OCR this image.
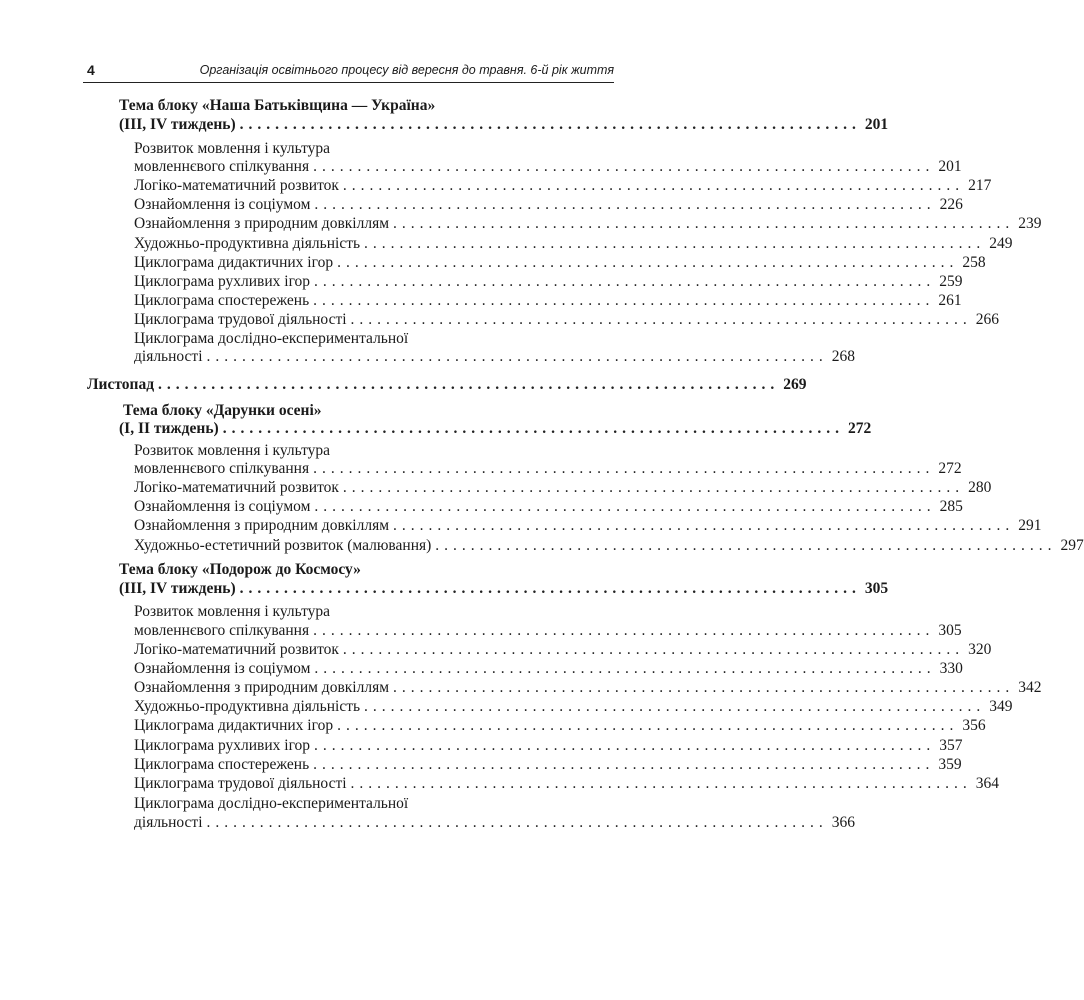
4	Організація освітнього процесу від вересня до травня. 6-й рік життя
Тема блоку «Наша Батьківщина — Україна»
(III, IV тиждень) ...................................................................... 201
Розвиток мовлення і культура
мовленнєвого спілкування ...................................................................... 201
Логіко-математичний розвиток ...................................................................... 217
Ознайомлення із соціумом ...................................................................... 226
Ознайомлення з природним довкіллям ...................................................................... 239
Художньо-продуктивна діяльність ...................................................................... 249
Циклограма дидактичних ігор ...................................................................... 258
Циклограма рухливих ігор ...................................................................... 259
Циклограма спостережень ...................................................................... 261
Циклограма трудової діяльності ...................................................................... 266
Циклограма дослідно-експериментальної
діяльності ...................................................................... 268
Листопад ...................................................................... 269
Тема блоку «Дарунки осені»
(I, II тиждень) ...................................................................... 272
Розвиток мовлення і культура
мовленнєвого спілкування ...................................................................... 272
Логіко-математичний розвиток ...................................................................... 280
Ознайомлення із соціумом ...................................................................... 285
Ознайомлення з природним довкіллям ...................................................................... 291
Художньо-естетичний розвиток (малювання) ...................................................................... 297
Тема блоку «Подорож до Космосу»
(III, IV тиждень) ...................................................................... 305
Розвиток мовлення і культура
мовленнєвого спілкування ...................................................................... 305
Логіко-математичний розвиток ...................................................................... 320
Ознайомлення із соціумом ...................................................................... 330
Ознайомлення з природним довкіллям ...................................................................... 342
Художньо-продуктивна діяльність ...................................................................... 349
Циклограма дидактичних ігор ...................................................................... 356
Циклограма рухливих ігор ...................................................................... 357
Циклограма спостережень ...................................................................... 359
Циклограма трудової діяльності ...................................................................... 364
Циклограма дослідно-експериментальної
діяльності ...................................................................... 366
